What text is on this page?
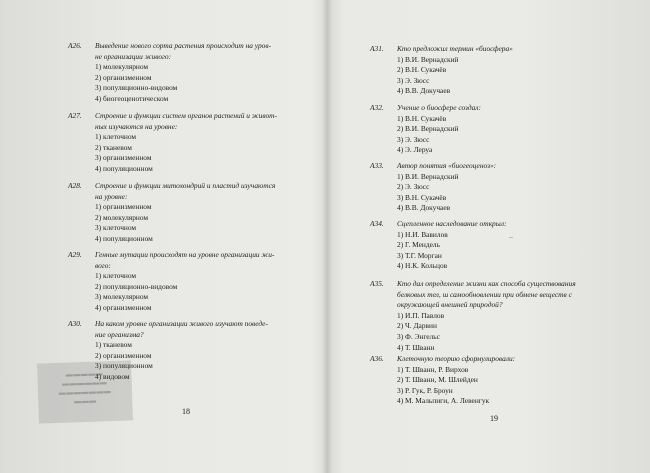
▬▬▬▬▬
▬▬▬▬▬▬
▬▬▬▬▬▬▬
▬▬▬
А26. Выведение нового сорта растения происходит на уров-
не организации живого:
1) молекулярном
2) организменном
3) популяционно-видовом
4) биогеоценотическом
А27. Строение и функции систем органов растений и живот-
ных изучаются на уровне:
1) клеточном
2) тканевом
3) организменном
4) популяционном
А28. Строение и функции митохондрий и пластид изучаются
на уровне:
1) организменном
2) молекулярном
3) клеточном
4) популяционном
А29. Генные мутации происходят на уровне организации жи-
вого:
1) клеточном
2) популяционно-видовом
3) молекулярном
4) организменном
А30. На каком уровне организации живого изучают поведе-
ние организма?
1) тканевом
2) организменном
3) популяционном
4) видовом
18
А31. Кто предложил термин «биосфера»
1) В.И. Вернадский
2) В.Н. Сукачёв
3) Э. Зюсс
4) В.В. Докучаев
А32. Учение о биосфере создал:
1) В.Н. Сукачёв
2) В.И. Вернадский
3) Э. Зюсс
4) Э. Леруа
А33. Автор понятия «биогеоценоз»:
1) В.И. Вернадский
2) Э. Зюсс
3) В.Н. Сукачёв
4) В.В. Докучаев
А34. Сцепленное наследование открыл:
1) Н.И. Вавилов
2) Г. Мендель
3) Т.Г. Морган
4) Н.К. Кольцов
А35. Кто дал определение жизни как способа существования
белковых тел, ш самообновлении при обмене веществ с
окружающей внешней природой?
1) И.П. Павлов
2) Ч. Дарвин
3) Ф. Энгельс
4) Т. Шванн
А36. Клеточную теорию сформулировали:
1) Т. Шванн, Р. Вирхов
2) Т. Шванн, М. Шлейден
3) Р. Гук, Р. Броун
4) М. Мальпиги, А. Левенгук
19
